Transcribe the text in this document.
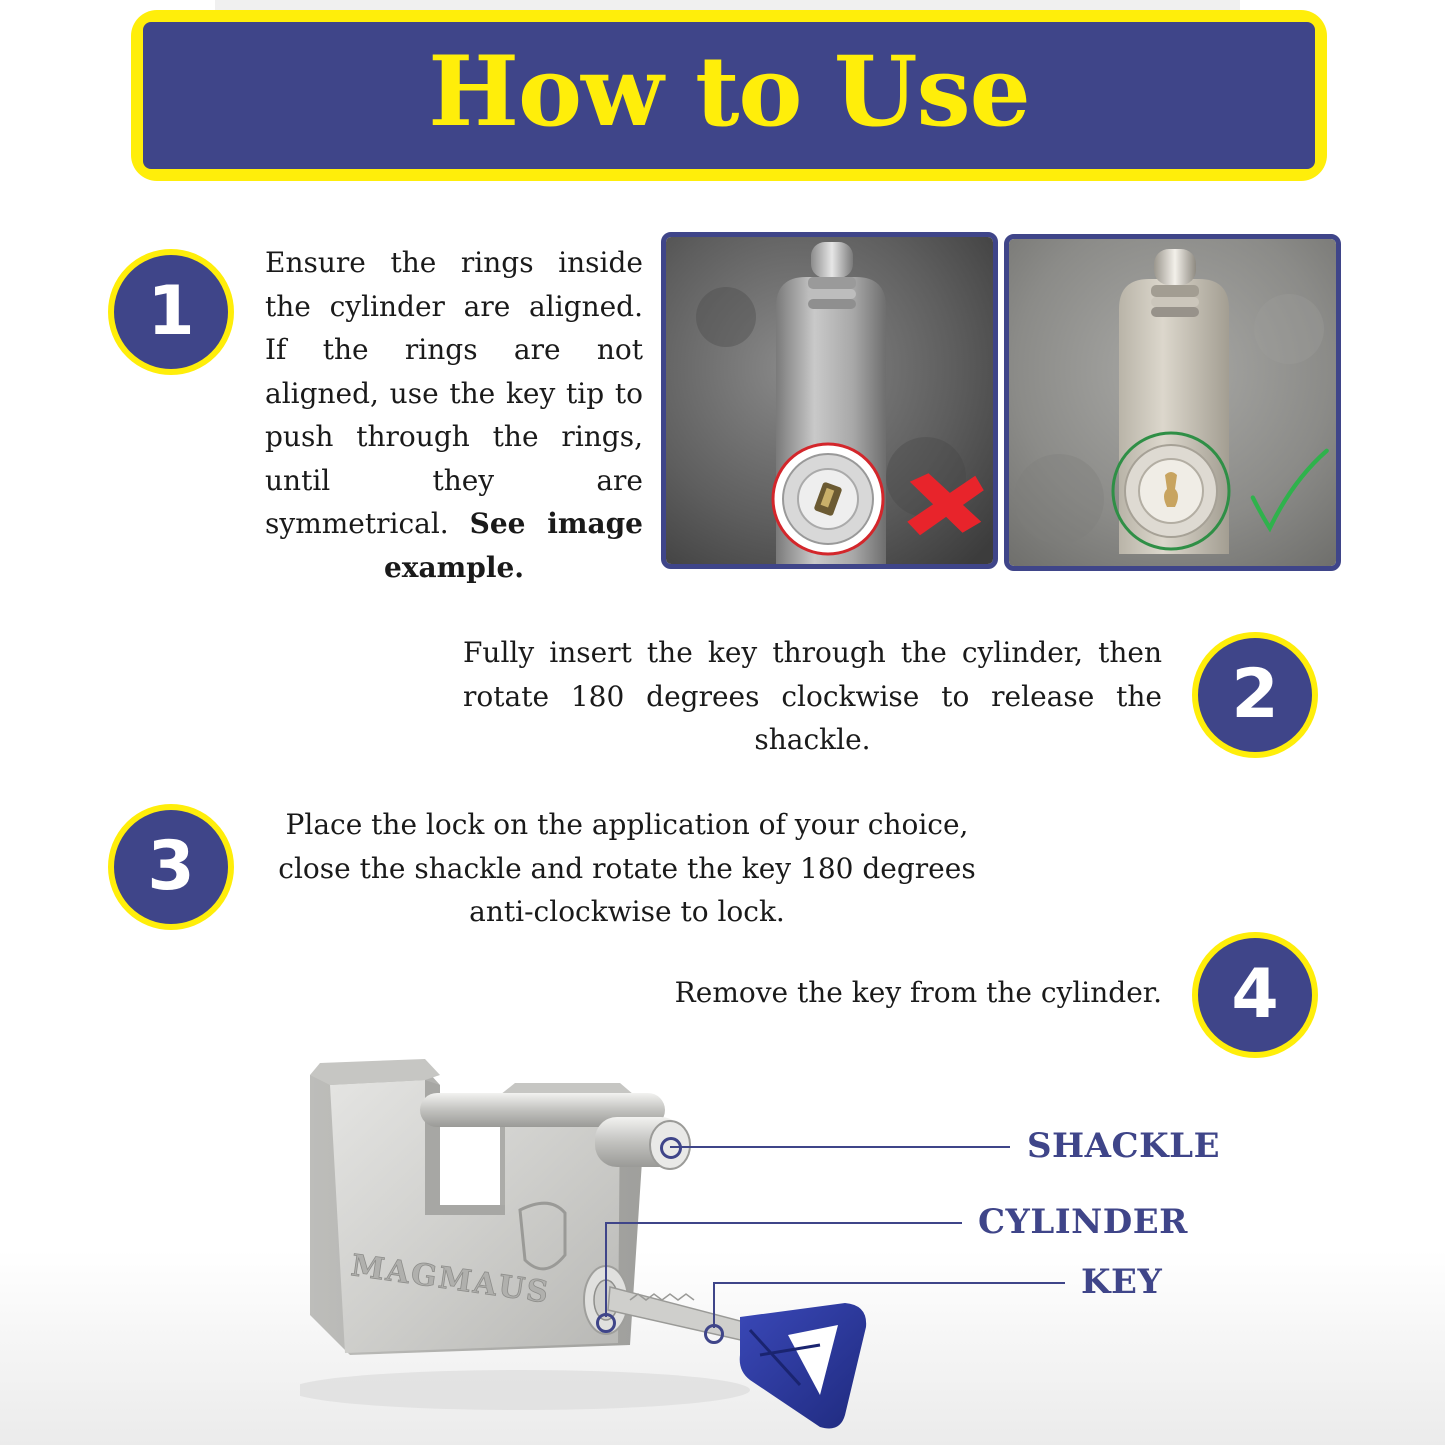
How to Use
1
Ensure the rings inside the cylinder are aligned. If the rings are not aligned, use the key tip to push through the rings, until they are symmetrical. See image example.
2
Fully insert the key through the cylinder, then rotate 180 degrees clockwise to release the shackle.
3
Place the lock on the application of your choice,
close the shackle and rotate the key 180 degrees
anti-clockwise to lock.
4
Remove the key from the cylinder.
MAGMAUS
SHACKLE
CYLINDER
KEY
